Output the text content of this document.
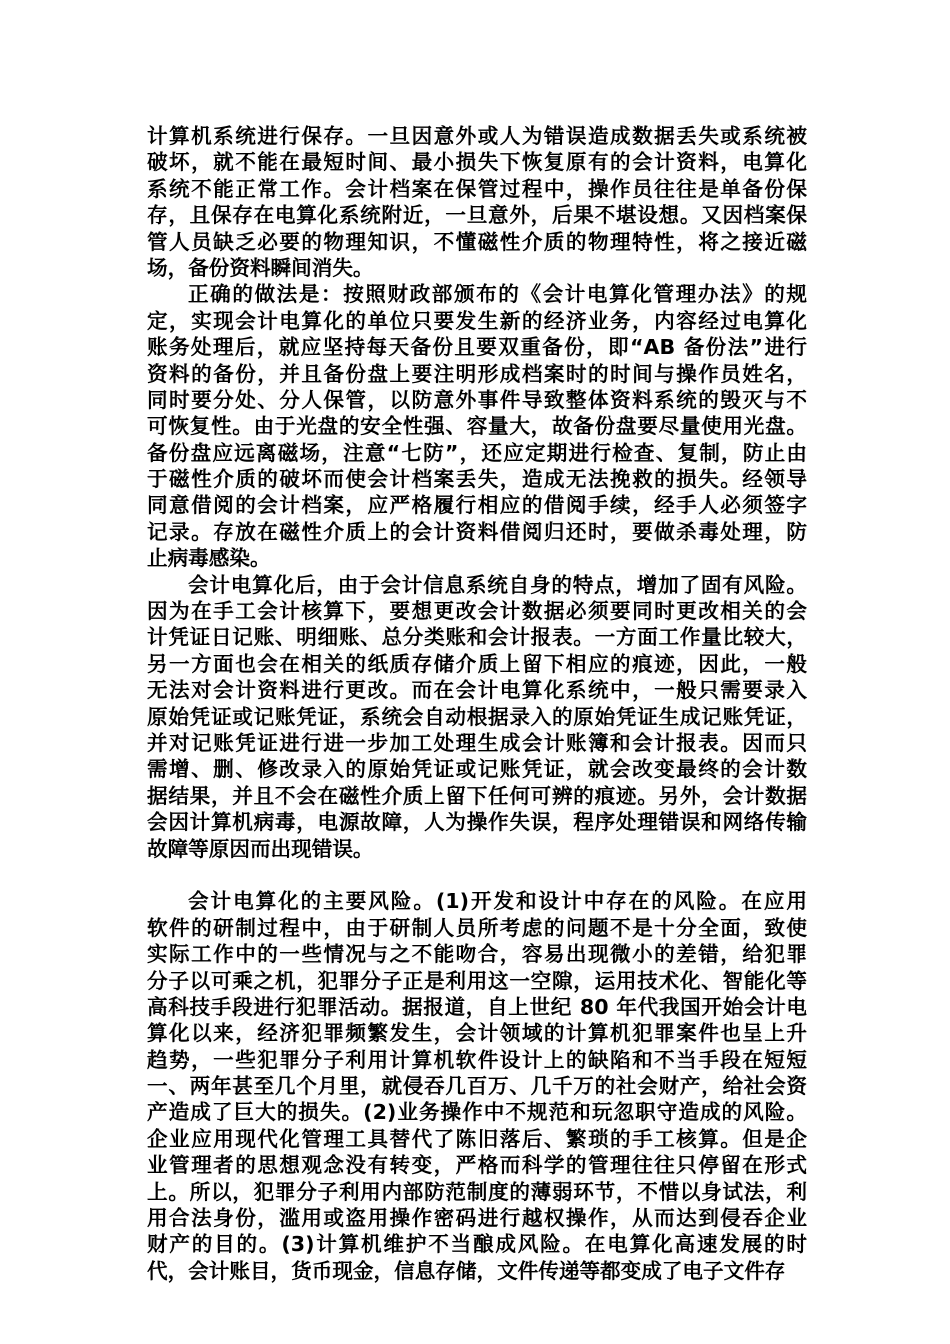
计算机系统进行保存。一旦因意外或人为错误造成数据丢失或系统被
破坏，就不能在最短时间、最小损失下恢复原有的会计资料，电算化
系统不能正常工作。会计档案在保管过程中，操作员往往是单备份保
存，且保存在电算化系统附近，一旦意外，后果不堪设想。又因档案保
管人员缺乏必要的物理知识，不懂磁性介质的物理特性，将之接近磁
场，备份资料瞬间消失。
正确的做法是：按照财政部颁布的《会计电算化管理办法》的规
定，实现会计电算化的单位只要发生新的经济业务，内容经过电算化
账务处理后，就应坚持每天备份且要双重备份，即“AB 备份法”进行
资料的备份，并且备份盘上要注明形成档案时的时间与操作员姓名，
同时要分处、分人保管，以防意外事件导致整体资料系统的毁灭与不
可恢复性。由于光盘的安全性强、容量大，故备份盘要尽量使用光盘。
备份盘应远离磁场，注意“七防”，还应定期进行检查、复制，防止由
于磁性介质的破坏而使会计档案丢失，造成无法挽救的损失。经领导
同意借阅的会计档案，应严格履行相应的借阅手续，经手人必须签字
记录。存放在磁性介质上的会计资料借阅归还时，要做杀毒处理，防
止病毒感染。
会计电算化后，由于会计信息系统自身的特点，增加了固有风险。
因为在手工会计核算下，要想更改会计数据必须要同时更改相关的会
计凭证日记账、明细账、总分类账和会计报表。一方面工作量比较大，
另一方面也会在相关的纸质存储介质上留下相应的痕迹，因此，一般
无法对会计资料进行更改。而在会计电算化系统中，一般只需要录入
原始凭证或记账凭证，系统会自动根据录入的原始凭证生成记账凭证，
并对记账凭证进行进一步加工处理生成会计账簿和会计报表。因而只
需增、删、修改录入的原始凭证或记账凭证，就会改变最终的会计数
据结果，并且不会在磁性介质上留下任何可辨的痕迹。另外，会计数据
会因计算机病毒，电源故障，人为操作失误，程序处理错误和网络传输
故障等原因而出现错误。
会计电算化的主要风险。(1)开发和设计中存在的风险。在应用
软件的研制过程中，由于研制人员所考虑的问题不是十分全面，致使
实际工作中的一些情况与之不能吻合，容易出现微小的差错，给犯罪
分子以可乘之机，犯罪分子正是利用这一空隙，运用技术化、智能化等
高科技手段进行犯罪活动。据报道，自上世纪 80 年代我国开始会计电
算化以来，经济犯罪频繁发生，会计领域的计算机犯罪案件也呈上升
趋势，一些犯罪分子利用计算机软件设计上的缺陷和不当手段在短短
一、两年甚至几个月里，就侵吞几百万、几千万的社会财产，给社会资
产造成了巨大的损失。(2)业务操作中不规范和玩忽职守造成的风险。
企业应用现代化管理工具替代了陈旧落后、繁琐的手工核算。但是企
业管理者的思想观念没有转变，严格而科学的管理往往只停留在形式
上。所以，犯罪分子利用内部防范制度的薄弱环节，不惜以身试法，利
用合法身份，滥用或盗用操作密码进行越权操作，从而达到侵吞企业
财产的目的。(3)计算机维护不当酿成风险。在电算化高速发展的时
代，会计账目，货币现金，信息存储，文件传递等都变成了电子文件存
